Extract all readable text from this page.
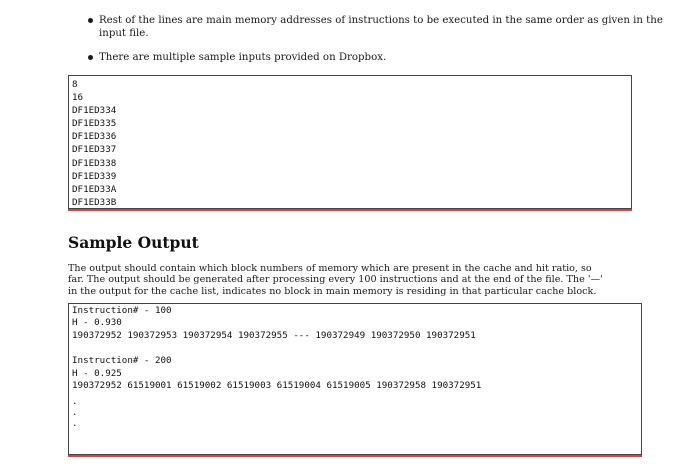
Rest of the lines are main memory addresses of instructions to be executed in the same order as given in the
input file.
There are multiple sample inputs provided on Dropbox.
8
16
DF1ED334
DF1ED335
DF1ED336
DF1ED337
DF1ED338
DF1ED339
DF1ED33A
DF1ED33B
Sample Output
The output should contain which block numbers of memory which are present in the cache and hit ratio, so
far. The output should be generated after processing every 100 instructions and at the end of the file. The '—'
in the output for the cache list, indicates no block in main memory is residing in that particular cache block.
Instruction# - 100
H - 0.930
190372952 190372953 190372954 190372955 --- 190372949 190372950 190372951
Instruction# - 200
H - 0.925
190372952 61519001 61519002 61519003 61519004 61519005 190372958 190372951
.
.
.
